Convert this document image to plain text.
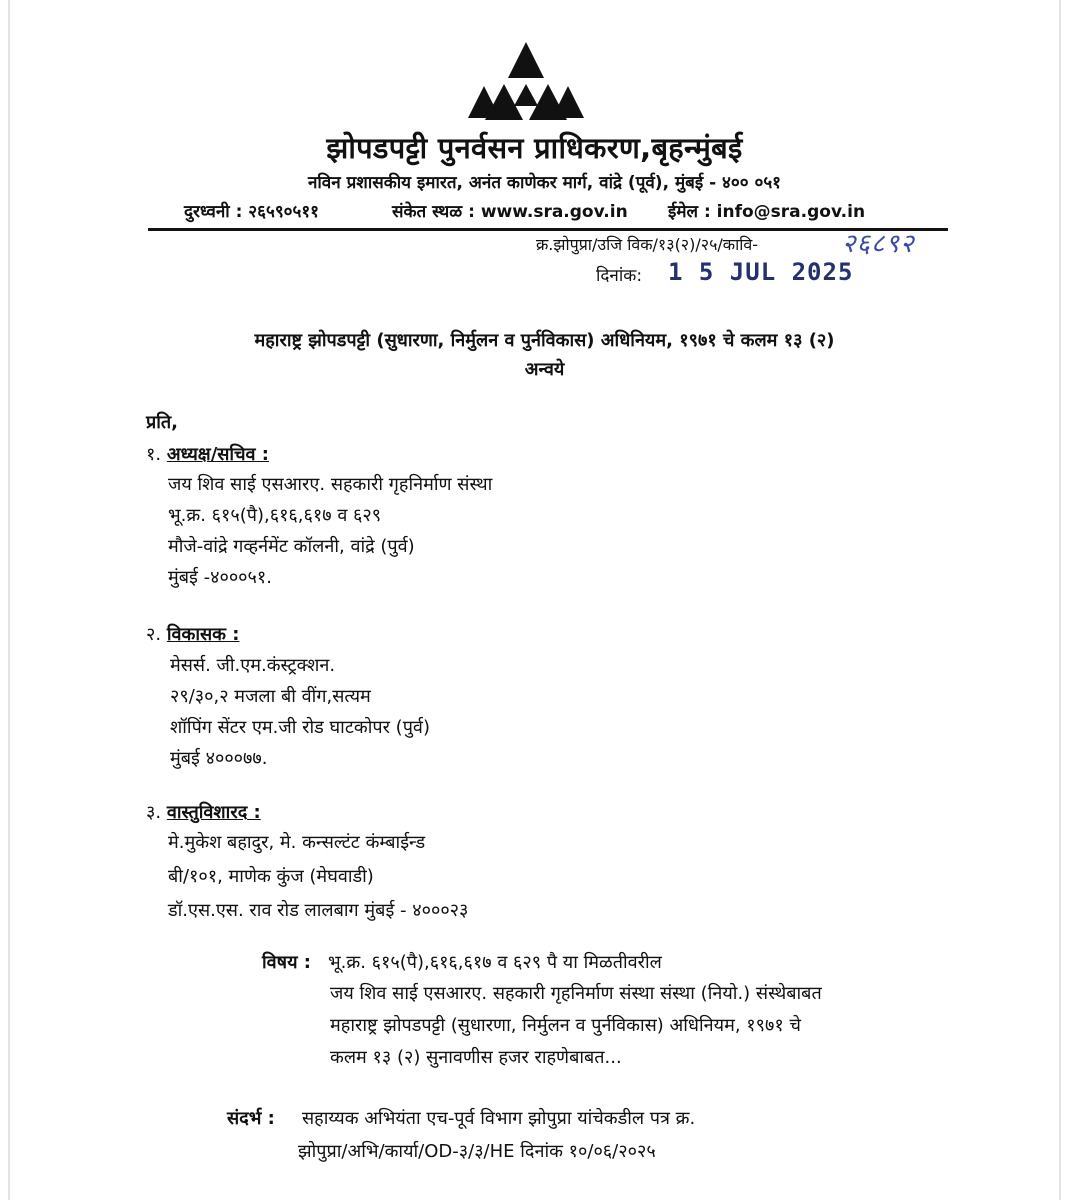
झोपडपट्टी पुनर्वसन प्राधिकरण,बृहन्मुंबई
नविन प्रशासकीय इमारत, अनंत काणेकर मार्ग, वांद्रे (पूर्व), मुंबई - ४०० ०५१
दुरध्वनी : २६५९०५११	संकेत स्थळ : www.sra.gov.in ईमेल : info@sra.gov.in
क्र.झोपुप्रा/उजि विक/१३(२)/२५/कावि-	२६८९२
दिनांक: 1 5 JUL 2025
महाराष्ट्र झोपडपट्टी (सुधारणा, निर्मुलन व पुर्नविकास) अधिनियम, १९७१ चे कलम १३ (२)
अन्वये
प्रति,
१. अध्यक्ष/सचिव :
जय शिव साई एसआरए. सहकारी गृहनिर्माण संस्था
भू.क्र. ६१५(पै),६१६,६१७ व ६२९
मौजे-वांद्रे गव्हर्नमेंट कॉलनी, वांद्रे (पुर्व)
मुंबई -४०००५१.
२. विकासक :
मेसर्स. जी.एम.कंस्ट्रक्शन.
२९/३०,२ मजला बी वींग,सत्यम
शॉपिंग सेंटर एम.जी रोड घाटकोपर (पुर्व)
मुंबई ४०००७७.
३. वास्तुविशारद :
मे.मुकेश बहादुर, मे. कन्सल्टंट कंम्बाईन्ड
बी/१०१, माणेक कुंज (मेघवाडी)
डॉ.एस.एस. राव रोड लालबाग मुंबई - ४०००२३
विषय : भू.क्र. ६१५(पै),६१६,६१७ व ६२९ पै या मिळतीवरील
जय शिव साई एसआरए. सहकारी गृहनिर्माण संस्था संस्था (नियो.) संस्थेबाबत
महाराष्ट्र झोपडपट्टी (सुधारणा, निर्मुलन व पुर्नविकास) अधिनियम, १९७१ चे
कलम १३ (२) सुनावणीस हजर राहणेबाबत...
संदर्भ : सहाय्यक अभियंता एच-पूर्व विभाग झोपुप्रा यांचेकडील पत्र क्र.
झोपुप्रा/अभि/कार्या/OD-३/३/HE दिनांक १०/०६/२०२५
